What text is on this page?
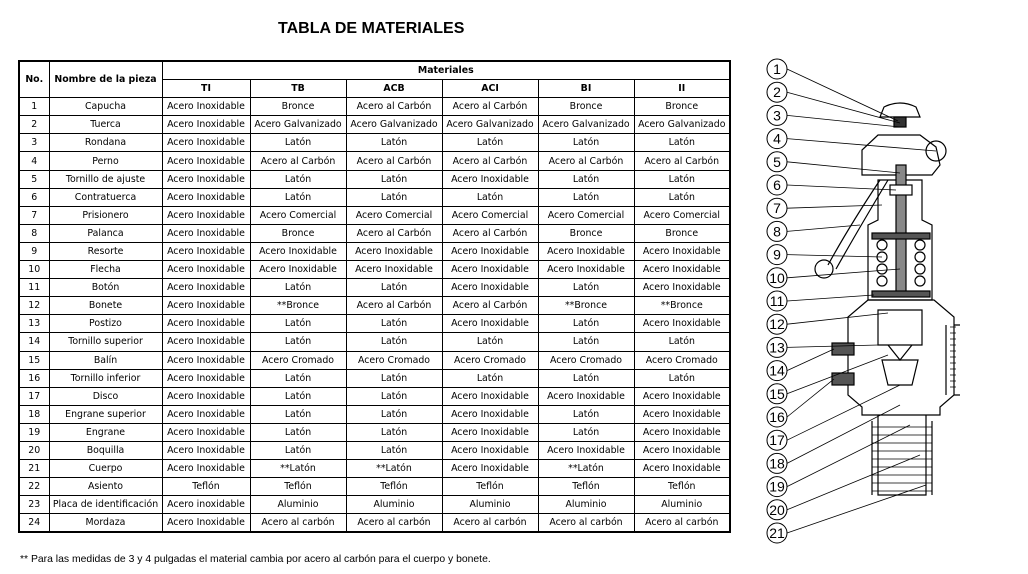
TABLA DE MATERIALES
No.	Nombre de la pieza	Materiales					
		TI	TB	ACB	ACI	BI	II
1	Capucha	Acero Inoxidable	Bronce	Acero al Carbón	Acero al Carbón	Bronce	Bronce
2	Tuerca	Acero Inoxidable	Acero Galvanizado	Acero Galvanizado	Acero Galvanizado	Acero Galvanizado	Acero Galvanizado
3	Rondana	Acero Inoxidable	Latón	Latón	Latón	Latón	Latón
4	Perno	Acero Inoxidable	Acero al Carbón	Acero al Carbón	Acero al Carbón	Acero al Carbón	Acero al Carbón
5	Tornillo de ajuste	Acero Inoxidable	Latón	Latón	Acero Inoxidable	Latón	Latón
6	Contratuerca	Acero Inoxidable	Latón	Latón	Latón	Latón	Latón
7	Prisionero	Acero Inoxidable	Acero Comercial	Acero Comercial	Acero Comercial	Acero Comercial	Acero Comercial
8	Palanca	Acero Inoxidable	Bronce	Acero al Carbón	Acero al Carbón	Bronce	Bronce
9	Resorte	Acero Inoxidable	Acero Inoxidable	Acero Inoxidable	Acero Inoxidable	Acero Inoxidable	Acero Inoxidable
10	Flecha	Acero Inoxidable	Acero Inoxidable	Acero Inoxidable	Acero Inoxidable	Acero Inoxidable	Acero Inoxidable
11	Botón	Acero Inoxidable	Latón	Latón	Acero Inoxidable	Latón	Acero Inoxidable
12	Bonete	Acero Inoxidable	**Bronce	Acero al Carbón	Acero al Carbón	**Bronce	**Bronce
13	Postizo	Acero Inoxidable	Latón	Latón	Acero Inoxidable	Latón	Acero Inoxidable
14	Tornillo superior	Acero Inoxidable	Latón	Latón	Latón	Latón	Latón
15	Balín	Acero Inoxidable	Acero Cromado	Acero Cromado	Acero Cromado	Acero Cromado	Acero Cromado
16	Tornillo inferior	Acero Inoxidable	Latón	Latón	Latón	Latón	Latón
17	Disco	Acero Inoxidable	Latón	Latón	Acero Inoxidable	Acero Inoxidable	Acero Inoxidable
18	Engrane superior	Acero Inoxidable	Latón	Latón	Acero Inoxidable	Latón	Acero Inoxidable
19	Engrane	Acero Inoxidable	Latón	Latón	Acero Inoxidable	Latón	Acero Inoxidable
20	Boquilla	Acero Inoxidable	Latón	Latón	Acero Inoxidable	Acero Inoxidable	Acero Inoxidable
21	Cuerpo	Acero Inoxidable	**Latón	**Latón	Acero Inoxidable	**Latón	Acero Inoxidable
22	Asiento	Teflón	Teflón	Teflón	Teflón	Teflón	Teflón
23	Placa de identificación	Acero inoxidable	Aluminio	Aluminio	Aluminio	Aluminio	Aluminio
24	Mordaza	Acero Inoxidable	Acero al carbón	Acero al carbón	Acero al carbón	Acero al carbón	Acero al carbón
** Para las medidas de 3 y 4 pulgadas el material cambia por acero al carbón para el cuerpo y bonete.
1
2
3
4
5
6
7
8
9
10
11
12
13
14
15
16
17
18
19
20
21
